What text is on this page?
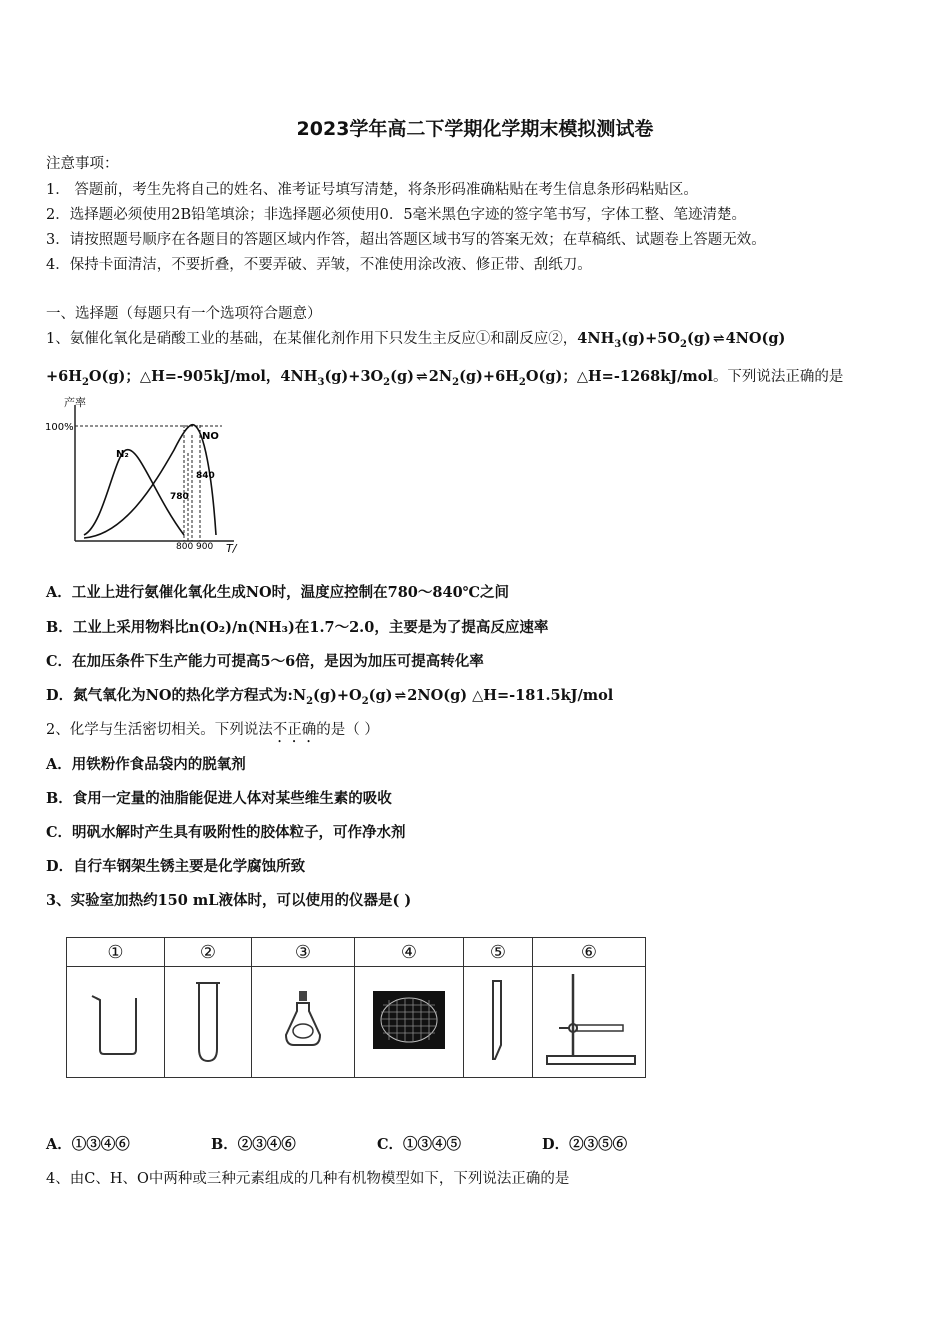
2023学年高二下学期化学期末模拟测试卷
注意事项：
1． 答题前，考生先将自己的姓名、准考证号填写清楚，将条形码准确粘贴在考生信息条形码粘贴区。
2．选择题必须使用2B铅笔填涂；非选择题必须使用0．5毫米黑色字迹的签字笔书写，字体工整、笔迹清楚。
3．请按照题号顺序在各题目的答题区域内作答，超出答题区域书写的答案无效；在草稿纸、试题卷上答题无效。
4．保持卡面清洁，不要折叠，不要弄破、弄皱，不准使用涂改液、修正带、刮纸刀。
一、选择题（每题只有一个选项符合题意）
1、氨催化氧化是硝酸工业的基础，在某催化剂作用下只发生主反应①和副反应②，$4NH_3(g)+5O_2(g)$ ⇌ 4NO(g)
$+6H_2O(g)$；△H=-905kJ/mol，$4NH_3(g)+3O_2(g)$ ⇌ $2N_2(g)+6H_2O(g)$；△H=-1268kJ/mol。下列说法正确的是
产率
100%
T/
N₂
NO
840
780
800 900
A．工业上进行氨催化氧化生成NO时，温度应控制在780～840℃之间
B．工业上采用物料比n(O₂)/n(NH₃)在1.7～2.0，主要是为了提高反应速率
C．在加压条件下生产能力可提高5～6倍，是因为加压可提高转化率
D．氮气氧化为NO的热化学方程式为$:N_2(g)+O_2(g)$ ⇌ 2NO(g) △H=-181.5kJ/mol
2、化学与生活密切相关。下列说法不正确的是（ ）
A．用铁粉作食品袋内的脱氧剂
B．食用一定量的油脂能促进人体对某些维生素的吸收
C．明矾水解时产生具有吸附性的胶体粒子，可作净水剂
D．自行车钢架生锈主要是化学腐蚀所致
3、实验室加热约150 mL液体时，可以使用的仪器是( )
①	②	③	④	⑤	⑥

A．①③④⑥	B．②③④⑥	C．①③④⑤	D．②③⑤⑥
4、由C、H、O中两种或三种元素组成的几种有机物模型如下，下列说法正确的是
